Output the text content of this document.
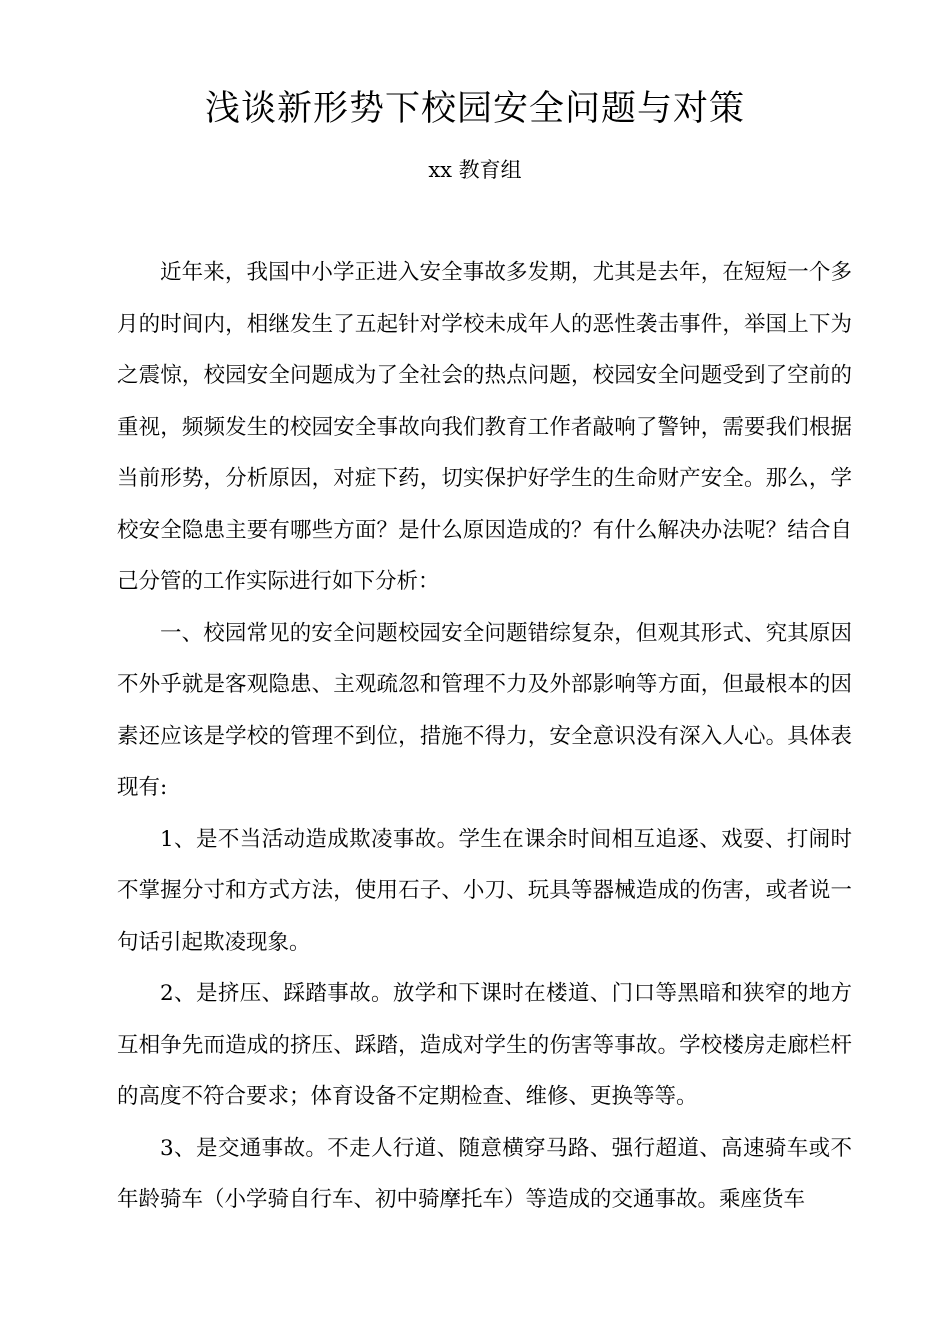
浅谈新形势下校园安全问题与对策
xx 教育组

近年来，我国中小学正进入安全事故多发期，尤其是去年，在短短一个多月的时间内，相继发生了五起针对学校未成年人的恶性袭击事件，举国上下为之震惊，校园安全问题成为了全社会的热点问题，校园安全问题受到了空前的重视，频频发生的校园安全事故向我们教育工作者敲响了警钟，需要我们根据当前形势，分析原因，对症下药，切实保护好学生的生命财产安全。那么，学校安全隐患主要有哪些方面？是什么原因造成的？有什么解决办法呢？结合自己分管的工作实际进行如下分析：

一、校园常见的安全问题校园安全问题错综复杂，但观其形式、究其原因不外乎就是客观隐患、主观疏忽和管理不力及外部影响等方面，但最根本的因素还应该是学校的管理不到位，措施不得力，安全意识没有深入人心。具体表现有:

1、是不当活动造成欺凌事故。学生在课余时间相互追逐、戏耍、打闹时不掌握分寸和方式方法，使用石子、小刀、玩具等器械造成的伤害，或者说一句话引起欺凌现象。

2、是挤压、踩踏事故。放学和下课时在楼道、门口等黑暗和狭窄的地方互相争先而造成的挤压、踩踏，造成对学生的伤害等事故。学校楼房走廊栏杆的高度不符合要求；体育设备不定期检查、维修、更换等等。

3、是交通事故。不走人行道、随意横穿马路、强行超道、高速骑车或不年龄骑车（小学骑自行车、初中骑摩托车）等造成的交通事故。乘座货车
